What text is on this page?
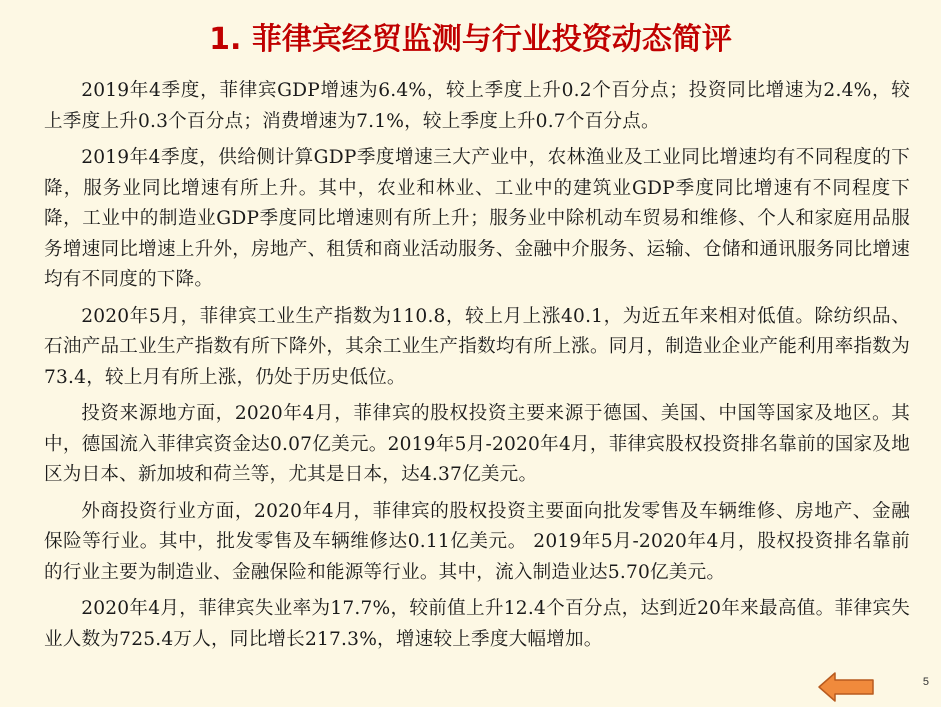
1. 菲律宾经贸监测与行业投资动态简评

2019年4季度，菲律宾GDP增速为6.4%，较上季度上升0.2个百分点；投资同比增速为2.4%，较上季度上升0.3个百分点；消费增速为7.1%，较上季度上升0.7个百分点。

2019年4季度，供给侧计算GDP季度增速三大产业中，农林渔业及工业同比增速均有不同程度的下降，服务业同比增速有所上升。其中，农业和林业、工业中的建筑业GDP季度同比增速有不同程度下降，工业中的制造业GDP季度同比增速则有所上升；服务业中除机动车贸易和维修、个人和家庭用品服务增速同比增速上升外，房地产、租赁和商业活动服务、金融中介服务、运输、仓储和通讯服务同比增速均有不同度的下降。

2020年5月，菲律宾工业生产指数为110.8，较上月上涨40.1，为近五年来相对低值。除纺织品、石油产品工业生产指数有所下降外，其余工业生产指数均有所上涨。同月，制造业企业产能利用率指数为73.4，较上月有所上涨，仍处于历史低位。

投资来源地方面，2020年4月，菲律宾的股权投资主要来源于德国、美国、中国等国家及地区。其中，德国流入菲律宾资金达0.07亿美元。2019年5月-2020年4月，菲律宾股权投资排名靠前的国家及地区为日本、新加坡和荷兰等，尤其是日本，达4.37亿美元。

外商投资行业方面，2020年4月，菲律宾的股权投资主要面向批发零售及车辆维修、房地产、金融保险等行业。其中，批发零售及车辆维修达0.11亿美元。 2019年5月-2020年4月，股权投资排名靠前的行业主要为制造业、金融保险和能源等行业。其中，流入制造业达5.70亿美元。

2020年4月，菲律宾失业率为17.7%，较前值上升12.4个百分点，达到近20年来最高值。菲律宾失业人数为725.4万人，同比增长217.3%，增速较上季度大幅增加。

5
